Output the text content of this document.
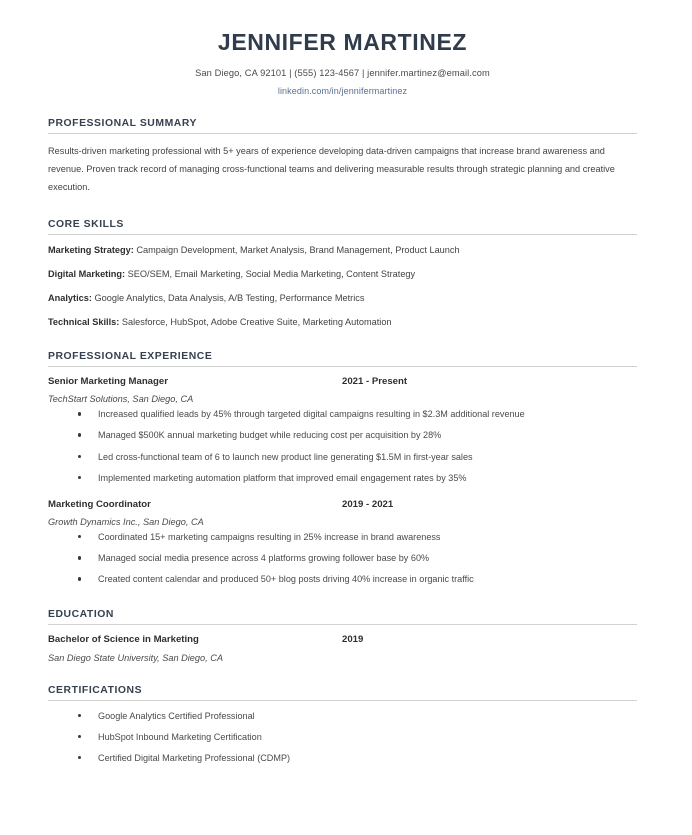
JENNIFER MARTINEZ

San Diego, CA 92101 | (555) 123-4567 | jennifer.martinez@email.com

linkedin.com/in/jennifermartinez

PROFESSIONAL SUMMARY

Results-driven marketing professional with 5+ years of experience developing data-driven campaigns that increase brand awareness and revenue. Proven track record of managing cross-functional teams and delivering measurable results through strategic planning and creative execution.

CORE SKILLS
Marketing Strategy: Campaign Development, Market Analysis, Brand Management, Product Launch
Digital Marketing: SEO/SEM, Email Marketing, Social Media Marketing, Content Strategy
Analytics: Google Analytics, Data Analysis, A/B Testing, Performance Metrics
Technical Skills: Salesforce, HubSpot, Adobe Creative Suite, Marketing Automation
PROFESSIONAL EXPERIENCE
Senior Marketing Manager	2021 - Present
TechStart Solutions, San Diego, CA
Increased qualified leads by 45% through targeted digital campaigns resulting in $2.3M additional revenue
Managed $500K annual marketing budget while reducing cost per acquisition by 28%
Led cross-functional team of 6 to launch new product line generating $1.5M in first-year sales
Implemented marketing automation platform that improved email engagement rates by 35%
Marketing Coordinator	2019 - 2021
Growth Dynamics Inc., San Diego, CA
Coordinated 15+ marketing campaigns resulting in 25% increase in brand awareness
Managed social media presence across 4 platforms growing follower base by 60%
Created content calendar and produced 50+ blog posts driving 40% increase in organic traffic
EDUCATION
Bachelor of Science in Marketing	2019
San Diego State University, San Diego, CA
CERTIFICATIONS
Google Analytics Certified Professional
HubSpot Inbound Marketing Certification
Certified Digital Marketing Professional (CDMP)
